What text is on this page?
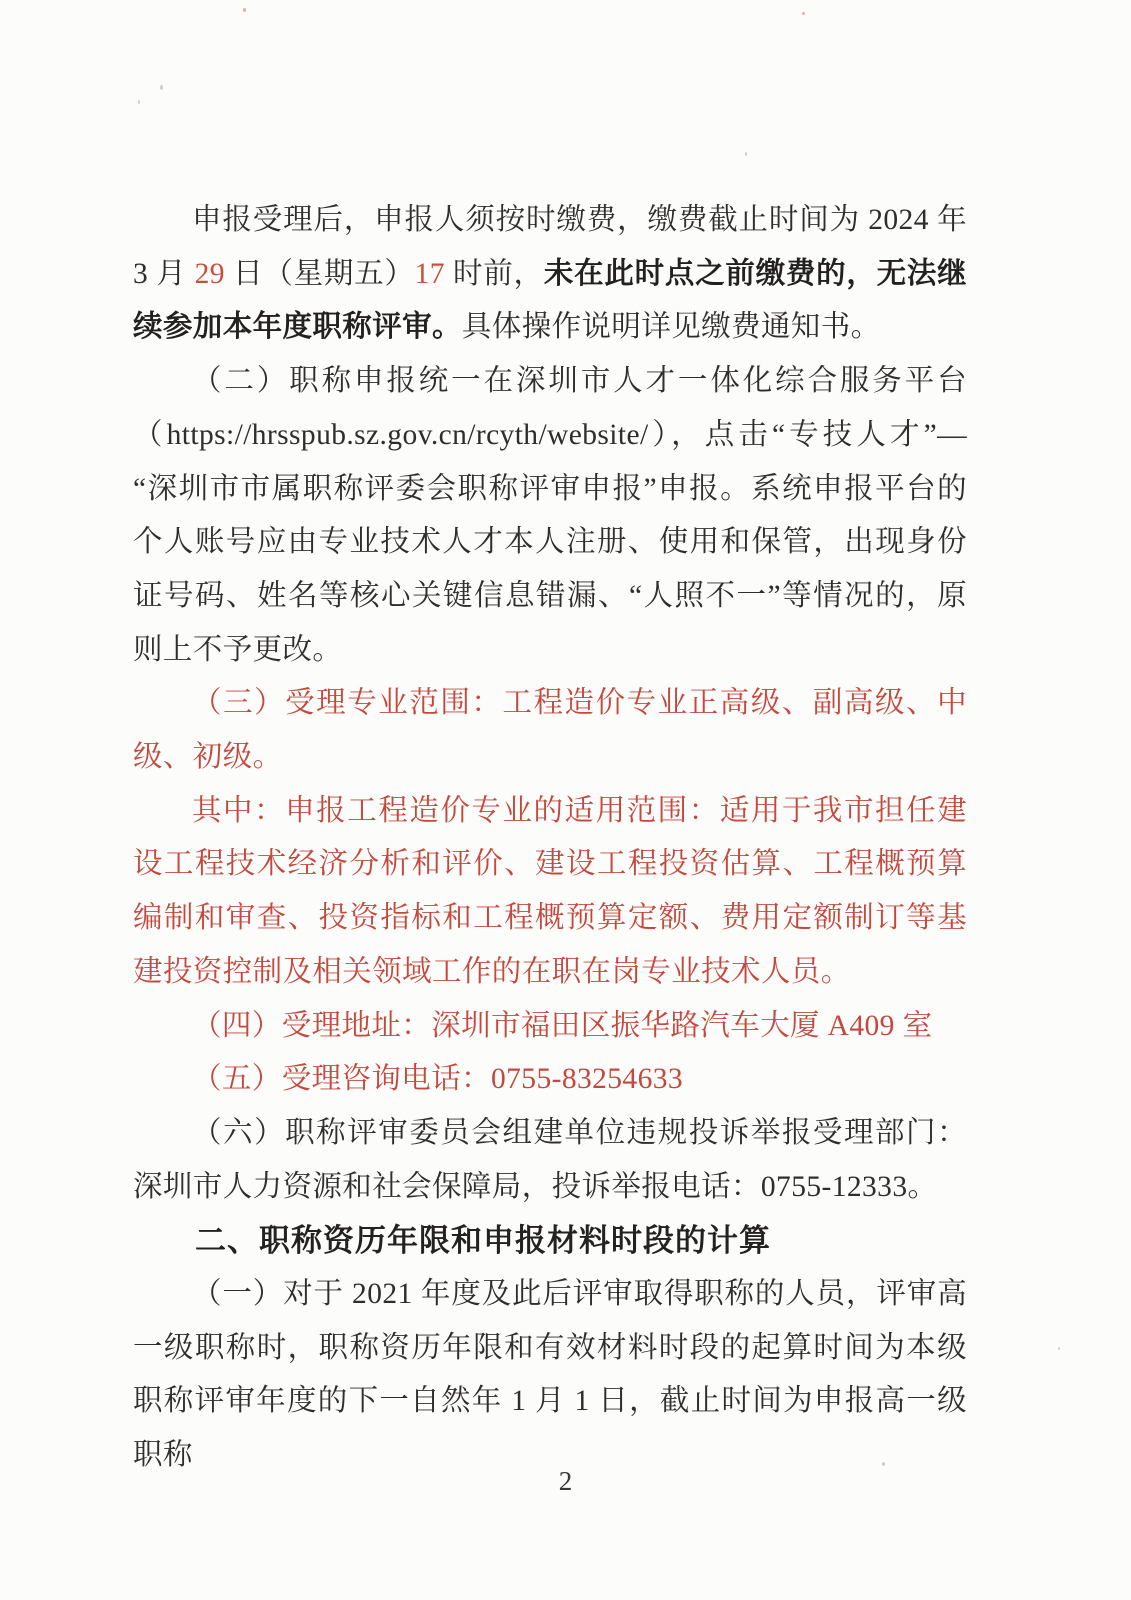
申报受理后，申报人须按时缴费，缴费截止时间为 2024 年 3 月 29 日（星期五）17 时前，未在此时点之前缴费的，无法继续参加本年度职称评审。具体操作说明详见缴费通知书。

（二）职称申报统一在深圳市人才一体化综合服务平台（https://hrsspub.sz.gov.cn/rcyth/website/），点击“专技人才”—“深圳市市属职称评委会职称评审申报”申报。系统申报平台的个人账号应由专业技术人才本人注册、使用和保管，出现身份证号码、姓名等核心关键信息错漏、“人照不一”等情况的，原则上不予更改。

（三）受理专业范围：工程造价专业正高级、副高级、中级、初级。

其中：申报工程造价专业的适用范围：适用于我市担任建设工程技术经济分析和评价、建设工程投资估算、工程概预算编制和审查、投资指标和工程概预算定额、费用定额制订等基建投资控制及相关领域工作的在职在岗专业技术人员。

（四）受理地址：深圳市福田区振华路汽车大厦 A409 室

（五）受理咨询电话：0755-83254633

（六）职称评审委员会组建单位违规投诉举报受理部门：深圳市人力资源和社会保障局，投诉举报电话：0755-12333。

二、职称资历年限和申报材料时段的计算

（一）对于 2021 年度及此后评审取得职称的人员，评审高一级职称时，职称资历年限和有效材料时段的起算时间为本级职称评审年度的下一自然年 1 月 1 日，截止时间为申报高一级职称

2
